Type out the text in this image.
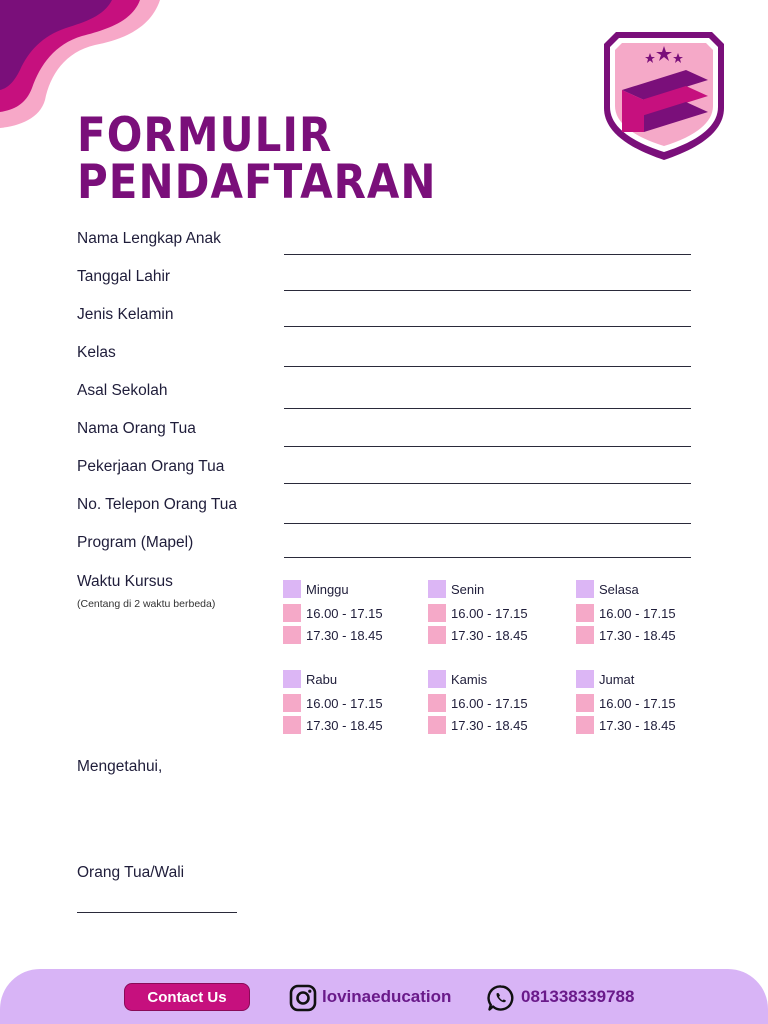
FORMULIR
PENDAFTARAN
Nama Lengkap Anak
Tanggal Lahir
Jenis Kelamin
Kelas
Asal Sekolah
Nama Orang Tua
Pekerjaan Orang Tua
No. Telepon Orang Tua
Program (Mapel)
Waktu Kursus
(Centang di 2 waktu berbeda)
Minggu
16.00 - 17.15
17.30 - 18.45
Senin
16.00 - 17.15
17.30 - 18.45
Selasa
16.00 - 17.15
17.30 - 18.45
Rabu
16.00 - 17.15
17.30 - 18.45
Kamis
16.00 - 17.15
17.30 - 18.45
Jumat
16.00 - 17.15
17.30 - 18.45
Mengetahui,
Orang Tua/Wali
Contact Us	lovinaeducation	081338339788
